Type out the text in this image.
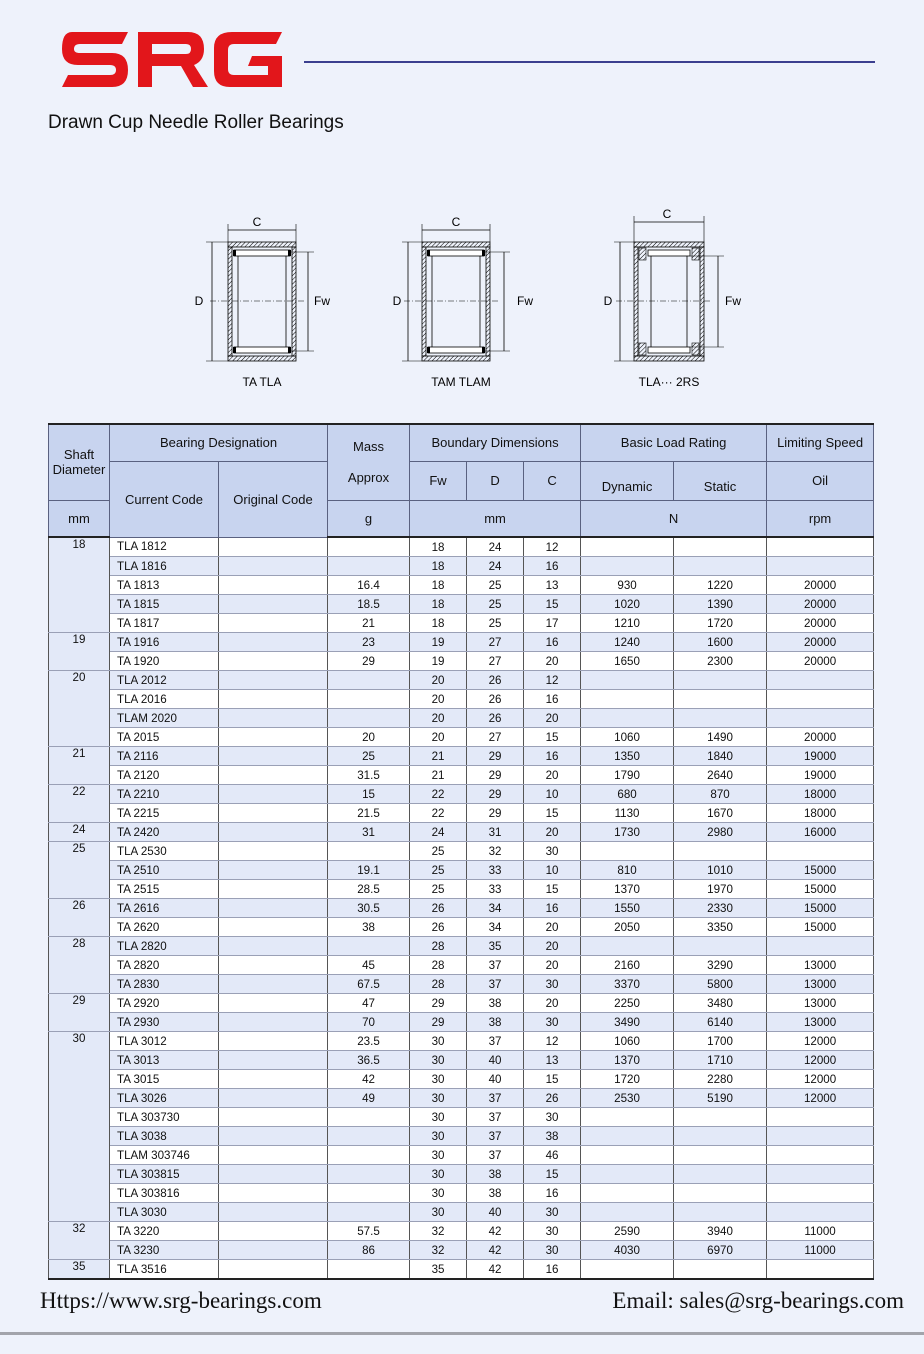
Drawn Cup Needle Roller Bearings
C
D	Fw
TA TLA
C
D	Fw
TAM TLAM
C
D	Fw
TLA··· 2RS
Shaft Diameter	Bearing Designation		Mass
Approx	Boundary Dimensions			Basic Load Rating		Limiting Speed
	Current Code	Original Code		Fw	D	C	Dynamic	Static	Oil
mm			g	mm			N		rpm
18	TLA 1812			18	24	12			
	TLA 1816			18	24	16			
	TA 1813		16.4	18	25	13	930	1220	20000
	TA 1815		18.5	18	25	15	1020	1390	20000
	TA 1817		21	18	25	17	1210	1720	20000
19	TA 1916		23	19	27	16	1240	1600	20000
	TA 1920		29	19	27	20	1650	2300	20000
20	TLA 2012			20	26	12			
	TLA 2016			20	26	16			
	TLAM 2020			20	26	20			
	TA 2015		20	20	27	15	1060	1490	20000
21	TA 2116		25	21	29	16	1350	1840	19000
	TA 2120		31.5	21	29	20	1790	2640	19000
22	TA 2210		15	22	29	10	680	870	18000
	TA 2215		21.5	22	29	15	1130	1670	18000
24	TA 2420		31	24	31	20	1730	2980	16000
25	TLA 2530			25	32	30			
	TA 2510		19.1	25	33	10	810	1010	15000
	TA 2515		28.5	25	33	15	1370	1970	15000
26	TA 2616		30.5	26	34	16	1550	2330	15000
	TA 2620		38	26	34	20	2050	3350	15000
28	TLA 2820			28	35	20			
	TA 2820		45	28	37	20	2160	3290	13000
	TA 2830		67.5	28	37	30	3370	5800	13000
29	TA 2920		47	29	38	20	2250	3480	13000
	TA 2930		70	29	38	30	3490	6140	13000
30	TLA 3012		23.5	30	37	12	1060	1700	12000
	TA 3013		36.5	30	40	13	1370	1710	12000
	TA 3015		42	30	40	15	1720	2280	12000
	TLA 3026		49	30	37	26	2530	5190	12000
	TLA 303730			30	37	30			
	TLA 3038			30	37	38			
	TLAM 303746			30	37	46			
	TLA 303815			30	38	15			
	TLA 303816			30	38	16			
	TLA 3030			30	40	30			
32	TA 3220		57.5	32	42	30	2590	3940	11000
	TA 3230		86	32	42	30	4030	6970	11000
35	TLA 3516			35	42	16			
Https://www.srg-bearings.com	Email: sales@srg-bearings.com
